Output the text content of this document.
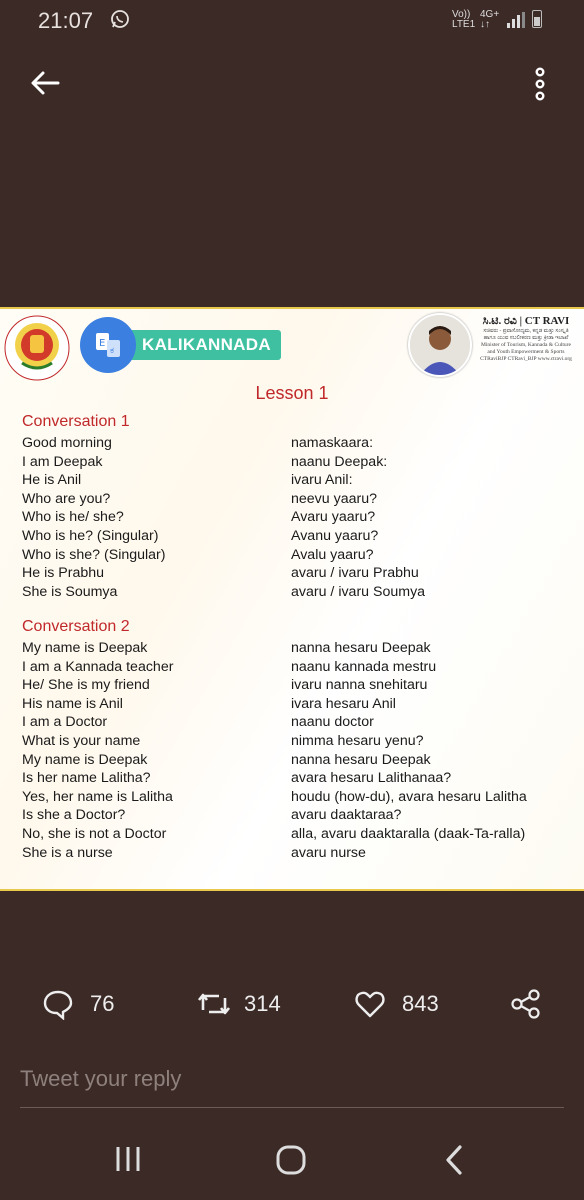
21:07	Vo))
LTE1
4G+
↓↑
E
ಕ	KALIKANNADA
ಸಿ.ಟಿ. ರವಿ | CT RAVI
ಸಚಿವರು - ಪ್ರವಾಸೋದ್ಯಮ, ಕನ್ನಡ ಮತ್ತು ಸಂಸ್ಕೃತಿ
ಹಾಗೂ ಯುವ ಸಬಲೀಕರಣ ಮತ್ತು ಕ್ರೀಡಾ ಇಲಾಖೆ
Minister of Tourism, Kannada & Culture
and Youth Empowerment & Sports
CTRaviBJP CTRavi_BJP www.ctravi.org
Lesson 1
Conversation 1
Good morning	namaskaara:
I am Deepak	naanu Deepak:
He is Anil	ivaru Anil:
Who are you?	neevu yaaru?
Who is he/ she?	Avaru yaaru?
Who is he? (Singular)	Avanu yaaru?
Who is she? (Singular)	Avalu yaaru?
He is Prabhu	avaru / ivaru Prabhu
She is Soumya	avaru / ivaru Soumya
Conversation 2
My name is Deepak	nanna hesaru Deepak
I am a Kannada teacher	naanu kannada mestru
He/ She is my friend	ivaru nanna snehitaru
His name is Anil	ivara hesaru Anil
I am a Doctor	naanu doctor
What is your name	nimma hesaru yenu?
My name is Deepak	nanna hesaru Deepak
Is her name Lalitha?	avara hesaru Lalithanaa?
Yes, her name is Lalitha	houdu (how-du), avara hesaru Lalitha
Is she a Doctor?	avaru daaktaraa?
No, she is not a Doctor	alla, avaru daaktaralla (daak-Ta-ralla)
She is a nurse	avaru nurse
76	314	843
Tweet your reply
